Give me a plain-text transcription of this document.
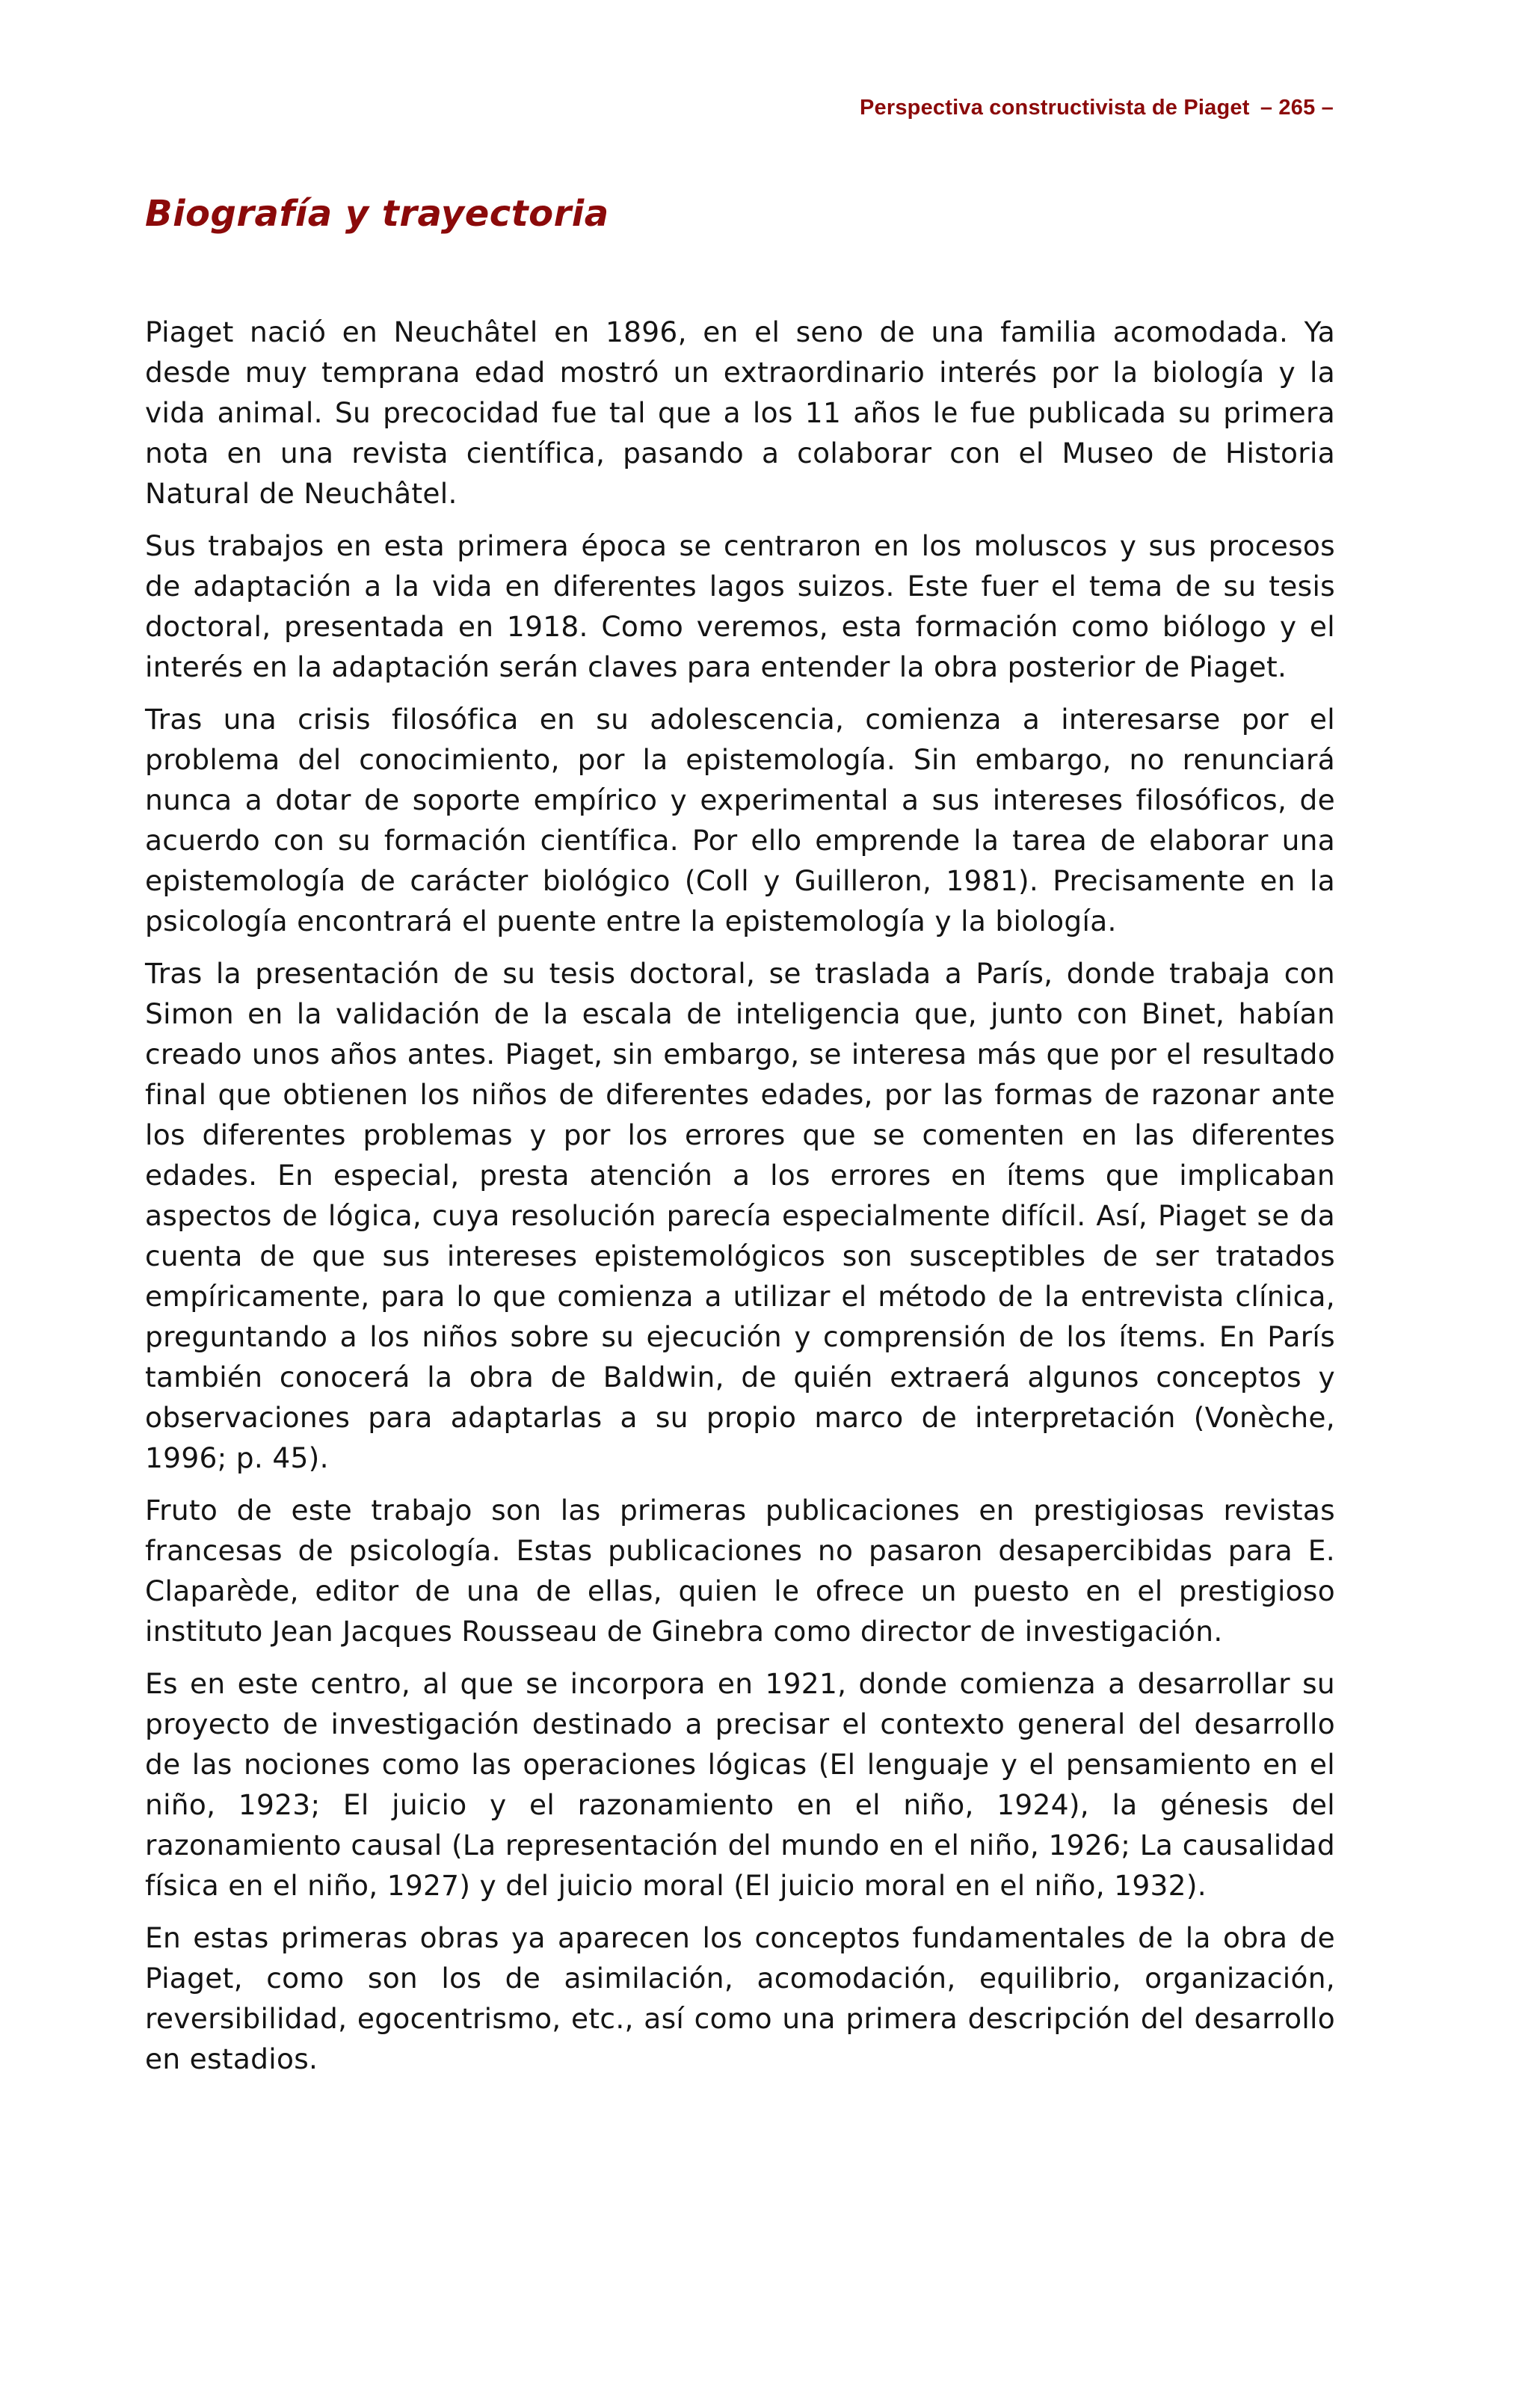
Perspectiva constructivista de Piaget – 265 –
Biografía y trayectoria

Piaget nació en Neuchâtel en 1896, en el seno de una familia acomodada. Ya desde muy temprana edad mostró un extraordinario interés por la biología y la vida animal. Su precocidad fue tal que a los 11 años le fue publicada su primera nota en una revista científica, pasando a colaborar con el Museo de Historia Natural de Neuchâtel.

Sus trabajos en esta primera época se centraron en los moluscos y sus procesos de adaptación a la vida en diferentes lagos suizos. Este fuer el tema de su tesis doctoral, presentada en 1918. Como veremos, esta formación como biólogo y el interés en la adaptación serán claves para entender la obra posterior de Piaget.

Tras una crisis filosófica en su adolescencia, comienza a interesarse por el problema del conocimiento, por la epistemología. Sin embargo, no renunciará nunca a dotar de soporte empírico y experimental a sus intereses filosóficos, de acuerdo con su formación científica. Por ello emprende la tarea de elaborar una epistemología de carácter biológico (Coll y Guilleron, 1981). Precisamente en la psicología encontrará el puente entre la epistemología y la biología.

Tras la presentación de su tesis doctoral, se traslada a París, donde trabaja con Simon en la validación de la escala de inteligencia que, junto con Binet, habían creado unos años antes. Piaget, sin embargo, se interesa más que por el resultado final que obtienen los niños de diferentes edades, por las formas de razonar ante los diferentes problemas y por los errores que se comenten en las diferentes edades. En especial, presta atención a los errores en ítems que implicaban aspectos de lógica, cuya resolución parecía especialmente difícil. Así, Piaget se da cuenta de que sus intereses epistemológicos son susceptibles de ser tratados empíricamente, para lo que comienza a utilizar el método de la entrevista clínica, preguntando a los niños sobre su ejecución y comprensión de los ítems. En París también conocerá la obra de Baldwin, de quién extraerá algunos conceptos y observaciones para adaptarlas a su propio marco de interpretación (Vonèche, 1996; p. 45).

Fruto de este trabajo son las primeras publicaciones en prestigiosas revistas francesas de psicología. Estas publicaciones no pasaron desapercibidas para E. Claparède, editor de una de ellas, quien le ofrece un puesto en el prestigioso instituto Jean Jacques Rousseau de Ginebra como director de investigación.

Es en este centro, al que se incorpora en 1921, donde comienza a desarrollar su proyecto de investigación destinado a precisar el contexto general del desarrollo de las nociones como las operaciones lógicas (El lenguaje y el pensamiento en el niño, 1923; El juicio y el razonamiento en el niño, 1924), la génesis del razonamiento causal (La representación del mundo en el niño, 1926; La causalidad física en el niño, 1927) y del juicio moral (El juicio moral en el niño, 1932).

En estas primeras obras ya aparecen los conceptos fundamentales de la obra de Piaget, como son los de asimilación, acomodación, equilibrio, organización, reversibilidad, egocentrismo, etc., así como una primera descripción del desarrollo en estadios.
